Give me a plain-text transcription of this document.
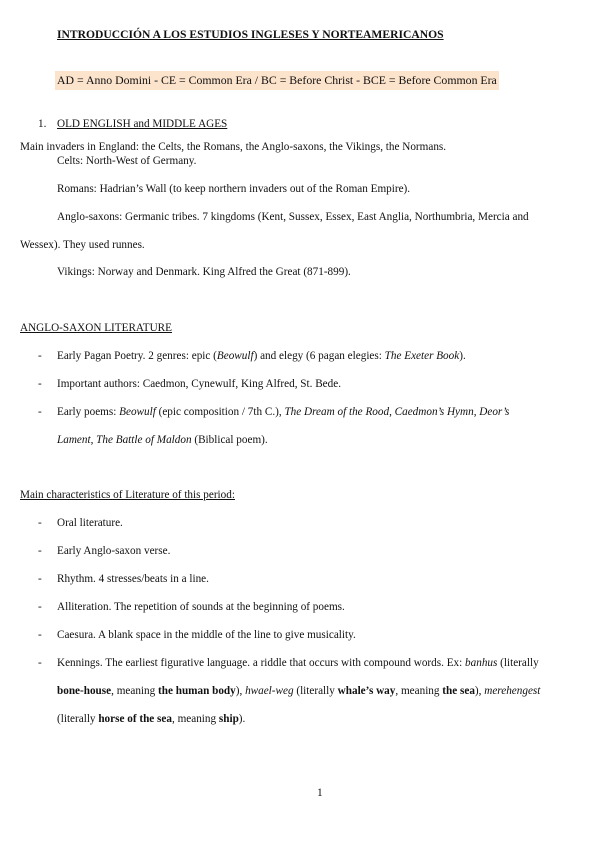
INTRODUCCIÓN A LOS ESTUDIOS INGLESES Y NORTEAMERICANOS
AD = Anno Domini - CE = Common Era / BC = Before Christ - BCE = Before Common Era
1. OLD ENGLISH and MIDDLE AGES
Main invaders in England: the Celts, the Romans, the Anglo-saxons, the Vikings, the Normans.
Celts: North-West of Germany.
Romans: Hadrian’s Wall (to keep northern invaders out of the Roman Empire).
Anglo-saxons: Germanic tribes. 7 kingdoms (Kent, Sussex, Essex, East Anglia, Northumbria, Mercia and
Wessex). They used runnes.
Vikings: Norway and Denmark. King Alfred the Great (871-899).
ANGLO-SAXON LITERATURE
- Early Pagan Poetry. 2 genres: epic (Beowulf) and elegy (6 pagan elegies: The Exeter Book).
- Important authors: Caedmon, Cynewulf, King Alfred, St. Bede.
- Early poems: Beowulf (epic composition / 7th C.), The Dream of the Rood, Caedmon’s Hymn, Deor’s
Lament, The Battle of Maldon (Biblical poem).
Main characteristics of Literature of this period:
- Oral literature.
- Early Anglo-saxon verse.
- Rhythm. 4 stresses/beats in a line.
- Alliteration. The repetition of sounds at the beginning of poems.
- Caesura. A blank space in the middle of the line to give musicality.
- Kennings. The earliest figurative language. a riddle that occurs with compound words. Ex: banhus (literally
bone-house, meaning the human body), hwael-weg (literally whale’s way, meaning the sea), merehengest
(literally horse of the sea, meaning ship).
1
